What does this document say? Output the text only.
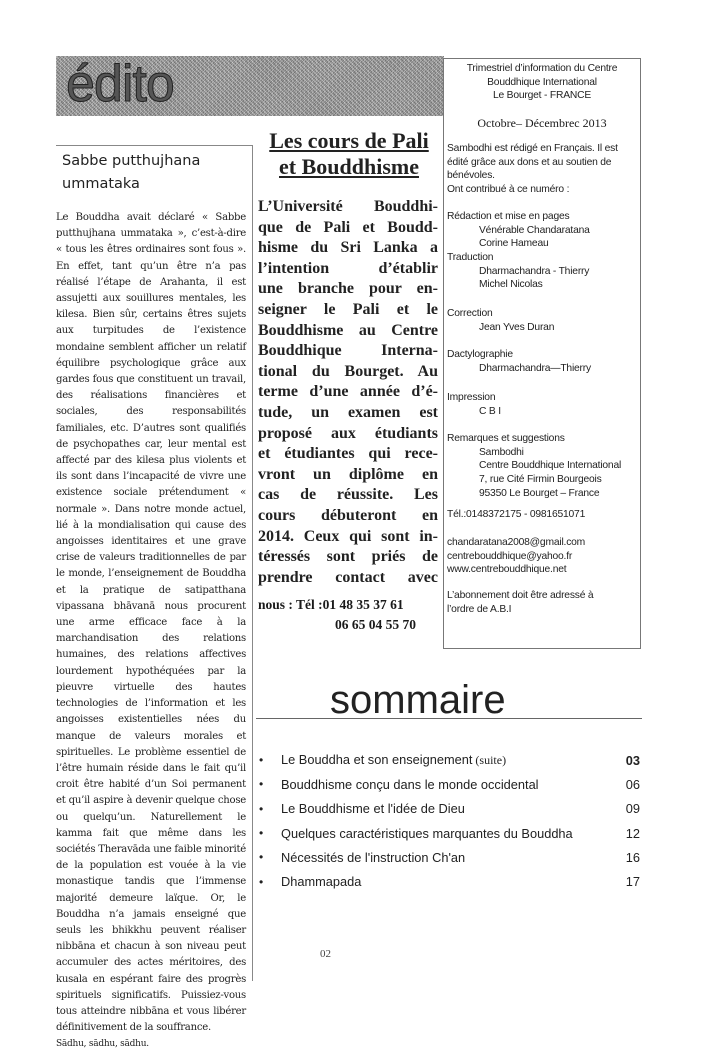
édito
Sabbe putthujhana
ummataka

Le Bouddha avait déclaré « Sabbe putthujhana ummataka », c’est-à-dire « tous les êtres ordinaires sont fous ». En effet, tant qu’un être n’a pas réalisé l’étape de Arahanta, il est assujetti aux souillures mentales, les kilesa. Bien sûr, certains êtres sujets aux turpitudes de l’existence mondaine semblent afficher un relatif équilibre psychologique grâce aux gardes fous que constituent un travail, des réalisations financières et sociales, des responsabilités familiales, etc. D’autres sont qualifiés de psychopathes car, leur mental est affecté par des kilesa plus violents et ils sont dans l’incapacité de vivre une existence sociale prétendument « normale ». Dans notre monde actuel, lié à la mondialisation qui cause des angoisses identitaires et une grave crise de valeurs traditionnelles de par le monde, l’enseignement de Bouddha et la pratique de satipatthana vipassana bhāvanā nous procurent une arme efficace face à la marchandisation des relations humaines, des relations affectives lourdement hypothéquées par la pieuvre virtuelle des hautes technologies de l’information et les angoisses existentielles nées du manque de valeurs morales et spirituelles. Le problème essentiel de l’être humain réside dans le fait qu’il croit être habité d’un Soi permanent et qu’il aspire à devenir quelque chose ou quelqu’un. Naturellement le kamma fait que même dans les sociétés Theravāda une faible minorité de la population est vouée à la vie monastique tandis que l’immense majorité demeure laïque. Or, le Bouddha n’a jamais enseigné que seuls les bhikkhu peuvent réaliser nibbāna et chacun à son niveau peut accumuler des actes méritoires, des kusala en espérant faire des progrès spirituels significatifs. Puissiez-vous tous atteindre nibbāna et vous libérer définitivement de la souffrance.

Sādhu, sādhu, sādhu.

Les cours de Pali
et Bouddhisme
L’Université Bouddhi-
que de Pali et Boudd-
hisme du Sri Lanka a
l’intention d’établir
une branche pour en-
seigner le Pali et le
Bouddhisme au Centre
Bouddhique Interna-
tional du Bourget. Au
terme d’une année d’é-
tude, un examen est
proposé aux étudiants
et étudiantes qui rece-
vront un diplôme en
cas de réussite. Les
cours débuteront en
2014. Ceux qui sont in-
téressés sont priés de
prendre contact avec
nous : Tél :01 48 35 37 61
06 65 04 55 70
Trimestriel d’information du Centre
Bouddhique International
Le Bourget - FRANCE
Octobre– Décembrec 2013
Sambodhi est rédigé en Français. Il est
édité grâce aux dons et au soutien de
bénévoles.
Ont contribué à ce numéro :
Rédaction et mise en pages
Vénérable Chandaratana
Corine Hameau
Traduction
Dharmachandra - Thierry
Michel Nicolas
Correction
Jean Yves Duran
Dactylographie
Dharmachandra—Thierry
Impression
C B I
Remarques et suggestions
Sambodhi
Centre Bouddhique International
7, rue Cité Firmin Bourgeois
95350 Le Bourget – France
Tél.:0148372175 - 0981651071
chandaratana2008@gmail.com
centrebouddhique@yahoo.fr
www.centrebouddhique.net
L’abonnement doit être adressé à
l’ordre de A.B.I
sommaire
•	Le Bouddha et son enseignement (suite)	03
•	Bouddhisme conçu dans le monde occidental	06
•	Le Bouddhisme et l'idée de Dieu	09
•	Quelques caractéristiques marquantes du Bouddha	12
•	Nécessités de l'instruction Ch'an	16
•	Dhammapada	17
02
